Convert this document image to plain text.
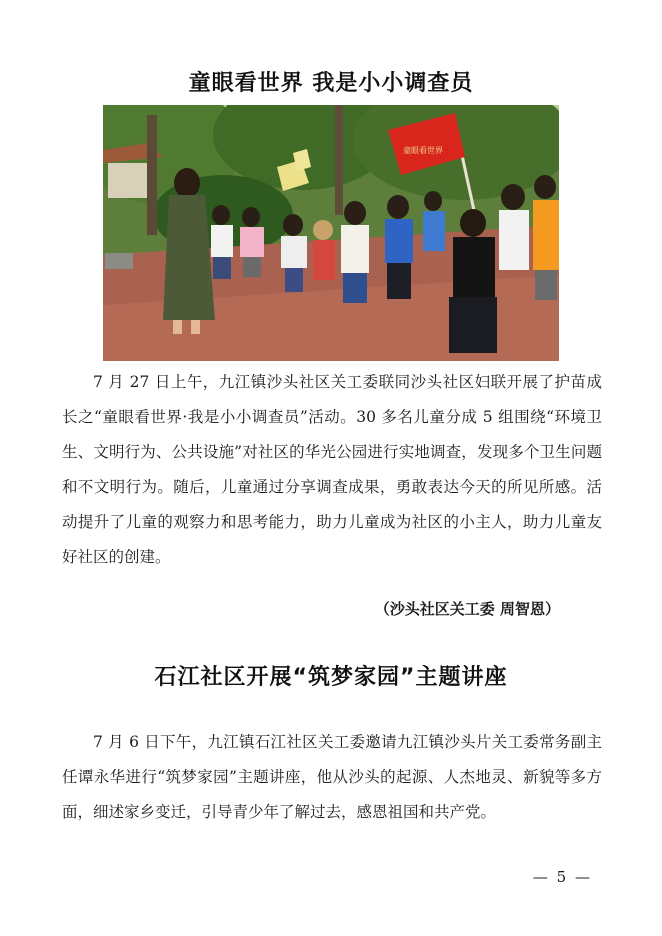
童眼看世界 我是小小调查员
童眼看世界

7 月 27 日上午，九江镇沙头社区关工委联同沙头社区妇联开展了护苗成长之“童眼看世界·我是小小调查员”活动。30 多名儿童分成 5 组围绕“环境卫生、文明行为、公共设施”对社区的华光公园进行实地调查，发现多个卫生问题和不文明行为。随后，儿童通过分享调查成果，勇敢表达今天的所见所感。活动提升了儿童的观察力和思考能力，助力儿童成为社区的小主人，助力儿童友好社区的创建。

（沙头社区关工委 周智恩）
石江社区开展“筑梦家园”主题讲座

7 月 6 日下午，九江镇石江社区关工委邀请九江镇沙头片关工委常务副主任谭永华进行“筑梦家园”主题讲座，他从沙头的起源、人杰地灵、新貌等多方面，细述家乡变迁，引导青少年了解过去，感恩祖国和共产党。

— 5 —
